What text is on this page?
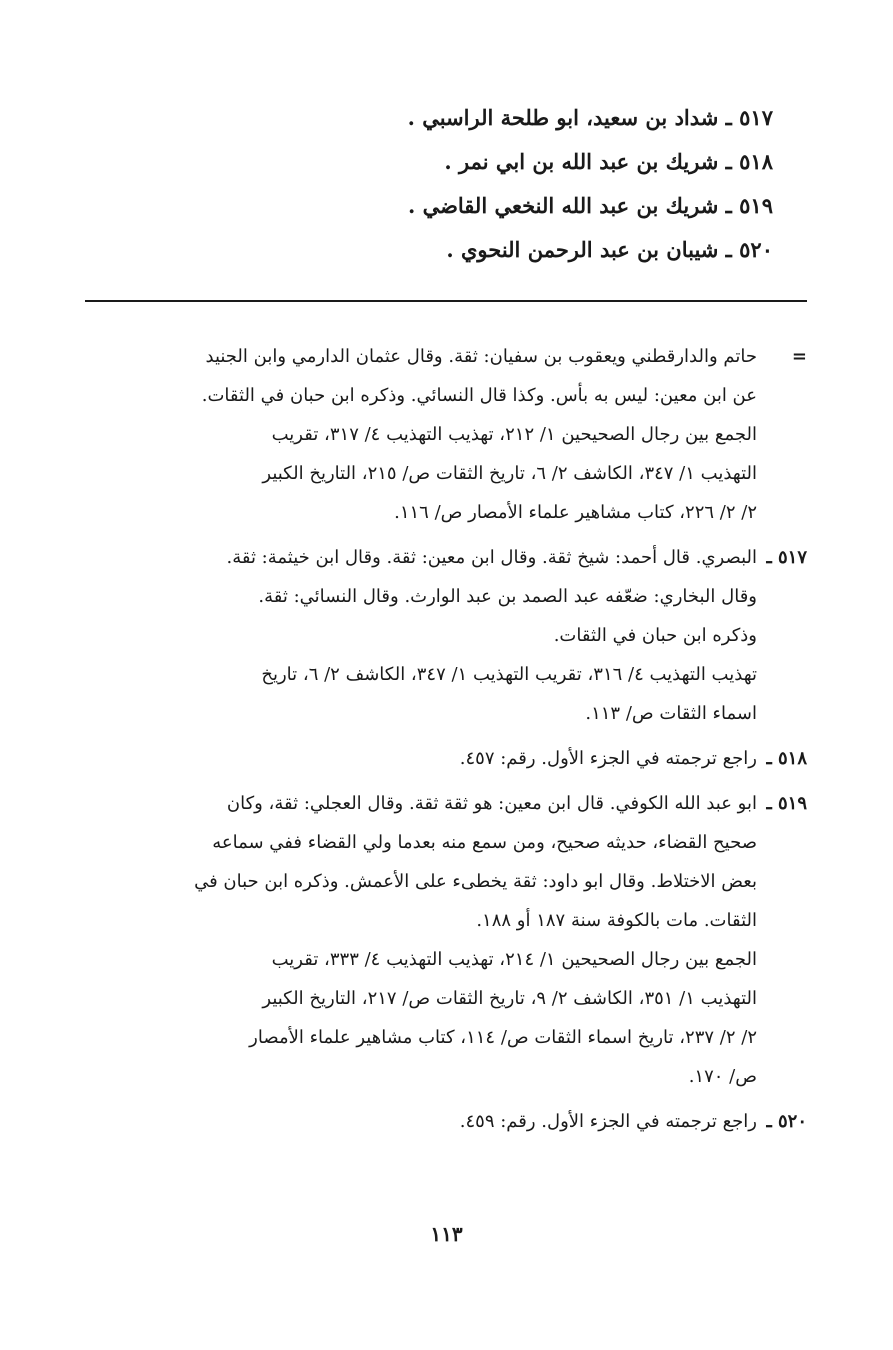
٥١٧ ـ شداد بن سعيد، ابو طلحة الراسبي .
٥١٨ ـ شريك بن عبد الله بن ابي نمر .
٥١٩ ـ شريك بن عبد الله النخعي القاضي .
٥٢٠ ـ شيبان بن عبد الرحمن النحوي .
=
حاتم والدارقطني ويعقوب بن سفيان: ثقة. وقال عثمان الدارمي وابن الجنيد
عن ابن معين: ليس به بأس. وكذا قال النسائي. وذكره ابن حبان في الثقات.
الجمع بين رجال الصحيحين ١/ ٢١٢، تهذيب التهذيب ٤/ ٣١٧، تقريب
التهذيب ١/ ٣٤٧، الكاشف ٢/ ٦، تاريخ الثقات ص/ ٢١٥، التاريخ الكبير
٢/ ٢/ ٢٢٦، كتاب مشاهير علماء الأمصار ص/ ١١٦.
٥١٧ ـ
البصري. قال أحمد: شيخ ثقة. وقال ابن معين: ثقة. وقال ابن خيثمة: ثقة.
وقال البخاري: ضعّفه عبد الصمد بن عبد الوارث. وقال النسائي: ثقة.
وذكره ابن حبان في الثقات.
تهذيب التهذيب ٤/ ٣١٦، تقريب التهذيب ١/ ٣٤٧، الكاشف ٢/ ٦، تاريخ
اسماء الثقات ص/ ١١٣.
٥١٨ ـ
راجع ترجمته في الجزء الأول. رقم: ٤٥٧.
٥١٩ ـ
ابو عبد الله الكوفي. قال ابن معين: هو ثقة ثقة. وقال العجلي: ثقة، وكان
صحيح القضاء، حديثه صحيح، ومن سمع منه بعدما ولي القضاء ففي سماعه
بعض الاختلاط. وقال ابو داود: ثقة يخطىء على الأعمش. وذكره ابن حبان في
الثقات. مات بالكوفة سنة ١٨٧ أو ١٨٨.
الجمع بين رجال الصحيحين ١/ ٢١٤، تهذيب التهذيب ٤/ ٣٣٣، تقريب
التهذيب ١/ ٣٥١، الكاشف ٢/ ٩، تاريخ الثقات ص/ ٢١٧، التاريخ الكبير
٢/ ٢/ ٢٣٧، تاريخ اسماء الثقات ص/ ١١٤، كتاب مشاهير علماء الأمصار
ص/ ١٧٠.
٥٢٠ ـ
راجع ترجمته في الجزء الأول. رقم: ٤٥٩.
١١٣
